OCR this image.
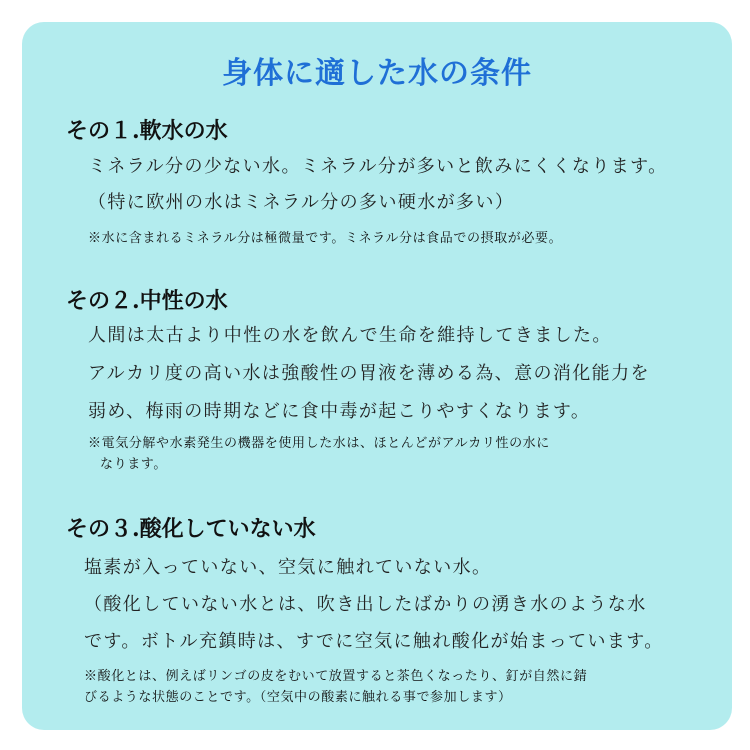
身体に適した水の条件
その１.軟水の水
ミネラル分の少ない水。ミネラル分が多いと飲みにくくなります。
（特に欧州の水はミネラル分の多い硬水が多い）
※水に含まれるミネラル分は極微量です。ミネラル分は食品での摂取が必要。
その２.中性の水
人間は太古より中性の水を飲んで生命を維持してきました。
アルカリ度の高い水は強酸性の胃液を薄める為、意の消化能力を
弱め、梅雨の時期などに食中毒が起こりやすくなります。
※電気分解や水素発生の機器を使用した水は、ほとんどがアルカリ性の水に
なります。
その３.酸化していない水
塩素が入っていない、空気に触れていない水。
（酸化していない水とは、吹き出したばかりの湧き水のような水
です。ボトル充鎮時は、すでに空気に触れ酸化が始まっています。
※酸化とは、例えばリンゴの皮をむいて放置すると茶色くなったり、釘が自然に錆
びるような状態のことです。（空気中の酸素に触れる事で参加します）
